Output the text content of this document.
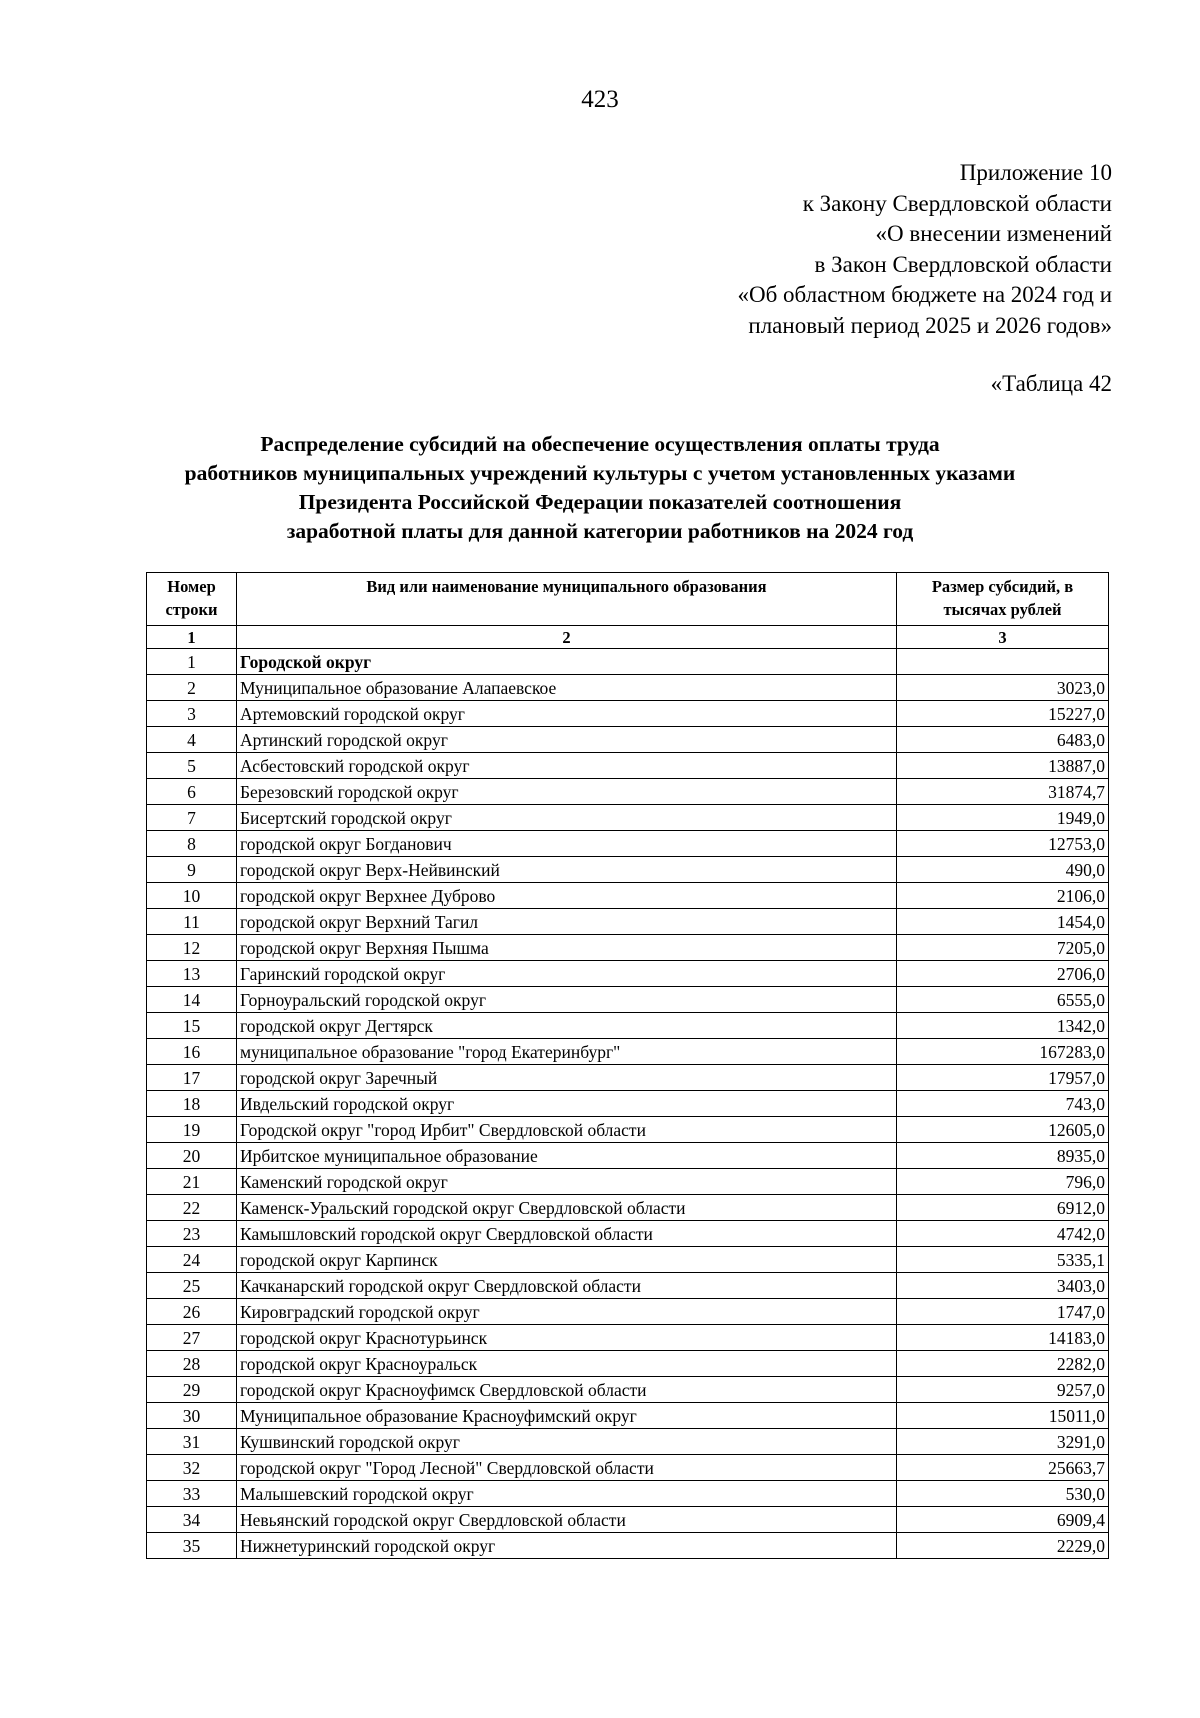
423
Приложение 10
к Закону Свердловской области
«О внесении изменений
в Закон Свердловской области
«Об областном бюджете на 2024 год и
плановый период 2025 и 2026 годов»
«Таблица 42
Распределение субсидий на обеспечение осуществления оплаты труда
работников муниципальных учреждений культуры с учетом установленных указами
Президента Российской Федерации показателей соотношения
заработной платы для данной категории работников на 2024 год
Номер строки	Вид или наименование муниципального образования	Размер субсидий, в тысячах рублей
1	2	3
1	Городской округ	
2	Муниципальное образование Алапаевское	3023,0
3	Артемовский городской округ	15227,0
4	Артинский городской округ	6483,0
5	Асбестовский городской округ	13887,0
6	Березовский городской округ	31874,7
7	Бисертский городской округ	1949,0
8	городской округ Богданович	12753,0
9	городской округ Верх-Нейвинский	490,0
10	городской округ Верхнее Дуброво	2106,0
11	городской округ Верхний Тагил	1454,0
12	городской округ Верхняя Пышма	7205,0
13	Гаринский городской округ	2706,0
14	Горноуральский городской округ	6555,0
15	городской округ Дегтярск	1342,0
16	муниципальное образование "город Екатеринбург"	167283,0
17	городской округ Заречный	17957,0
18	Ивдельский городской округ	743,0
19	Городской округ "город Ирбит" Свердловской области	12605,0
20	Ирбитское муниципальное образование	8935,0
21	Каменский городской округ	796,0
22	Каменск-Уральский городской округ Свердловской области	6912,0
23	Камышловский городской округ Свердловской области	4742,0
24	городской округ Карпинск	5335,1
25	Качканарский городской округ Свердловской области	3403,0
26	Кировградский городской округ	1747,0
27	городской округ Краснотурьинск	14183,0
28	городской округ Красноуральск	2282,0
29	городской округ Красноуфимск Свердловской области	9257,0
30	Муниципальное образование Красноуфимский округ	15011,0
31	Кушвинский городской округ	3291,0
32	городской округ "Город Лесной" Свердловской области	25663,7
33	Малышевский городской округ	530,0
34	Невьянский городской округ Свердловской области	6909,4
35	Нижнетуринский городской округ	2229,0
